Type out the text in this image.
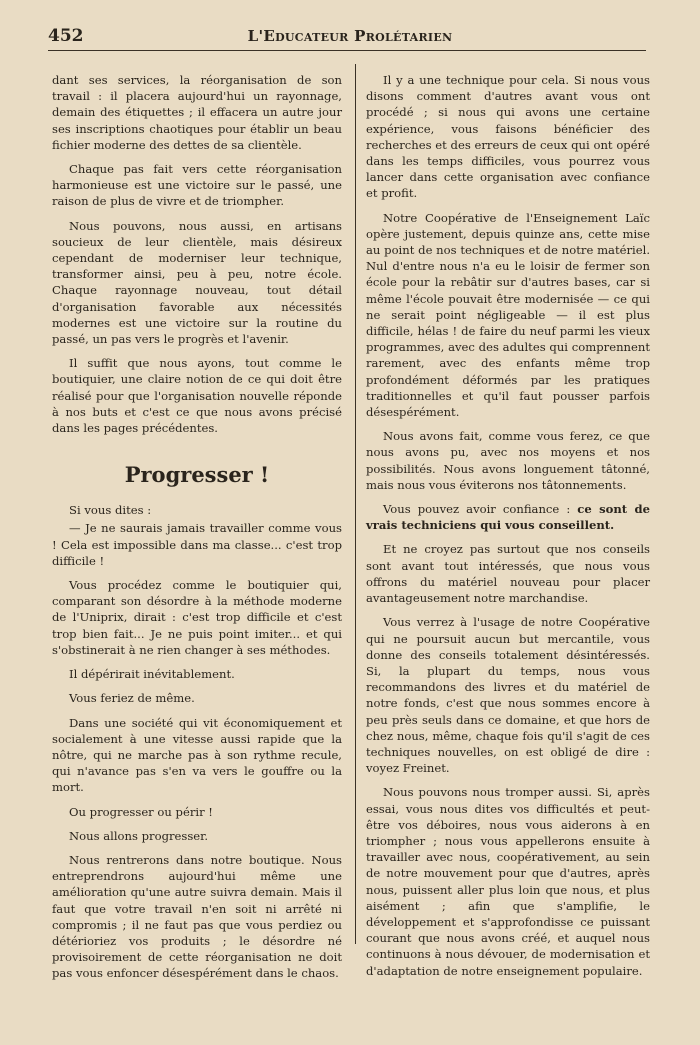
452	L'Educateur Prolétarien

dant ses services, la réorganisation de son travail : il placera aujourd'hui un rayonnage, demain des étiquettes ; il effacera un autre jour ses inscriptions chaotiques pour établir un beau fichier moderne des dettes de sa clientèle.

Chaque pas fait vers cette réorganisation harmonieuse est une victoire sur le passé, une raison de plus de vivre et de triompher.

Nous pouvons, nous aussi, en artisans soucieux de leur clientèle, mais désireux cependant de moderniser leur technique, transformer ainsi, peu à peu, notre école. Chaque rayonnage nouveau, tout détail d'organisation favorable aux nécessités modernes est une victoire sur la routine du passé, un pas vers le progrès et l'avenir.

Il suffit que nous ayons, tout comme le boutiquier, une claire notion de ce qui doit être réalisé pour que l'organisation nouvelle réponde à nos buts et c'est ce que nous avons précisé dans les pages précédentes.

Progresser !

Si vous dites :

— Je ne saurais jamais travailler comme vous ! Cela est impossible dans ma classe... c'est trop difficile !

Vous procédez comme le boutiquier qui, comparant son désordre à la méthode moderne de l'Uniprix, dirait : c'est trop difficile et c'est trop bien fait... Je ne puis point imiter... et qui s'obstinerait à ne rien changer à ses méthodes.

Il dépérirait inévitablement.

Vous feriez de même.

Dans une société qui vit économiquement et socialement à une vitesse aussi rapide que la nôtre, qui ne marche pas à son rythme recule, qui n'avance pas s'en va vers le gouffre ou la mort.

Ou progresser ou périr !

Nous allons progresser.

Nous rentrerons dans notre boutique. Nous entreprendrons aujourd'hui même une amélioration qu'une autre suivra demain. Mais il faut que votre travail n'en soit ni arrêté ni compromis ; il ne faut pas que vous perdiez ou détérioriez vos produits ; le désordre né provisoirement de cette réorganisation ne doit pas vous enfoncer désespérément dans le chaos.

Il y a une technique pour cela. Si nous vous disons comment d'autres avant vous ont procédé ; si nous qui avons une certaine expérience, vous faisons bénéficier des recherches et des erreurs de ceux qui ont opéré dans les temps difficiles, vous pourrez vous lancer dans cette organisation avec confiance et profit.

Notre Coopérative de l'Enseignement Laïc opère justement, depuis quinze ans, cette mise au point de nos techniques et de notre matériel. Nul d'entre nous n'a eu le loisir de fermer son école pour la rebâtir sur d'autres bases, car si même l'école pouvait être modernisée — ce qui ne serait point négligeable — il est plus difficile, hélas ! de faire du neuf parmi les vieux programmes, avec des adultes qui comprennent rarement, avec des enfants même trop profondément déformés par les pratiques traditionnelles et qu'il faut pousser parfois désespérément.

Nous avons fait, comme vous ferez, ce que nous avons pu, avec nos moyens et nos possibilités. Nous avons longuement tâtonné, mais nous vous éviterons nos tâtonnements.

Vous pouvez avoir confiance : ce sont de vrais techniciens qui vous conseillent.

Et ne croyez pas surtout que nos conseils sont avant tout intéressés, que nous vous offrons du matériel nouveau pour placer avantageusement notre marchandise.

Vous verrez à l'usage de notre Coopérative qui ne poursuit aucun but mercantile, vous donne des conseils totalement désintéressés. Si, la plupart du temps, nous vous recommandons des livres et du matériel de notre fonds, c'est que nous sommes encore à peu près seuls dans ce domaine, et que hors de chez nous, même, chaque fois qu'il s'agit de ces techniques nouvelles, on est obligé de dire : voyez Freinet.

Nous pouvons nous tromper aussi. Si, après essai, vous nous dites vos difficultés et peut-être vos déboires, nous vous aiderons à en triompher ; nous vous appellerons ensuite à travailler avec nous, coopérativement, au sein de notre mouvement pour que d'autres, après nous, puissent aller plus loin que nous, et plus aisément ; afin que s'amplifie, le développement et s'approfondisse ce puissant courant que nous avons créé, et auquel nous continuons à nous dévouer, de modernisation et d'adaptation de notre enseignement populaire.
